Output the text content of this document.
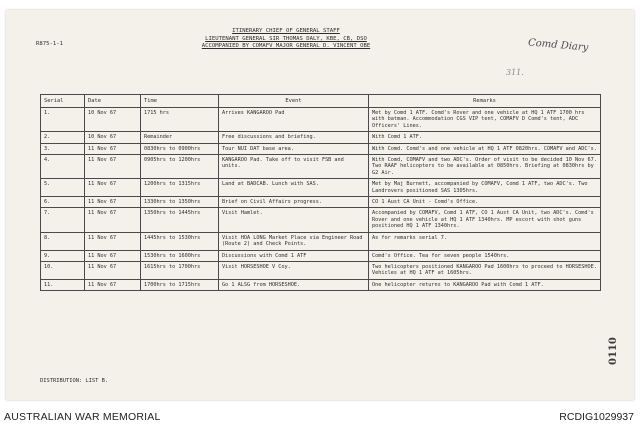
R875-1-1
ITINERARY CHIEF OF GENERAL STAFF
LIEUTENANT GENERAL SIR THOMAS DALY, KBE, CB, DSO
ACCOMPANIED BY COMAFV MAJOR GENERAL D. VINCENT OBE	Comd Diary
311.
Serial	Date	Time	Event	Remarks
1.	10 Nov 67	1715 hrs	Arrives KANGAROO Pad	Met by Comd 1 ATF. Comd's Rover and one vehicle at HQ 1 ATF 1700 hrs with batman. Accommodation CGS VIP tent, COMAFV D Comd's tent, ADC Officers' Lines.
2.	10 Nov 67	Remainder	Free discussions and briefing.	With Comd 1 ATF.
3.	11 Nov 67	0830hrs to 0900hrs	Tour NUI DAT base area.	With Comd. Comd's and one vehicle at HQ 1 ATF 0820hrs. COMAFV and ADC's.
4.	11 Nov 67	0905hrs to 1200hrs	KANGAROO Pad. Take off to visit FSB and units.	With Comd, COMAFV and two ADC's. Order of visit to be decided 10 Nov 67. Two RAAF helicopters to be available at 0850hrs. Briefing at 0830hrs by G2 Air.
5.	11 Nov 67	1200hrs to 1315hrs	Land at BADCAB. Lunch with SAS.	Met by Maj Burnett, accompanied by COMAFV, Comd 1 ATF, two ADC's. Two Landrovers positioned SAS 1305hrs.
6.	11 Nov 67	1330hrs to 1350hrs	Brief on Civil Affairs progress.	CO 1 Aust CA Unit - Comd's Office.
7.	11 Nov 67	1350hrs to 1445hrs	Visit Hamlet.	Accompanied by COMAFV, Comd 1 ATF, CO 1 Aust CA Unit, two ADC's. Comd's Rover and one vehicle at HQ 1 ATF 1340hrs. MP escort with shot guns positioned HQ 1 ATF 1340hrs.
8.	11 Nov 67	1445hrs to 1530hrs	Visit HOA LONG Market Place via Engineer Road (Route 2) and Check Points.	As for remarks serial 7.
9.	11 Nov 67	1530hrs to 1600hrs	Discussions with Comd 1 ATF	Comd's Office. Tea for seven people 1540hrs.
10.	11 Nov 67	1615hrs to 1700hrs	Visit HORSESHOE V Coy.	Two helicopters positioned KANGAROO Pad 1600hrs to proceed to HORSESHOE. Vehicles at HQ 1 ATF at 1605hrs.
11.	11 Nov 67	1700hrs to 1715hrs	Go 1 ALSG from HORSESHOE.	One helicopter returns to KANGAROO Pad with Comd 1 ATF.
DISTRIBUTION: LIST B.
0110
AUSTRALIAN WAR MEMORIAL	RCDIG1029937
